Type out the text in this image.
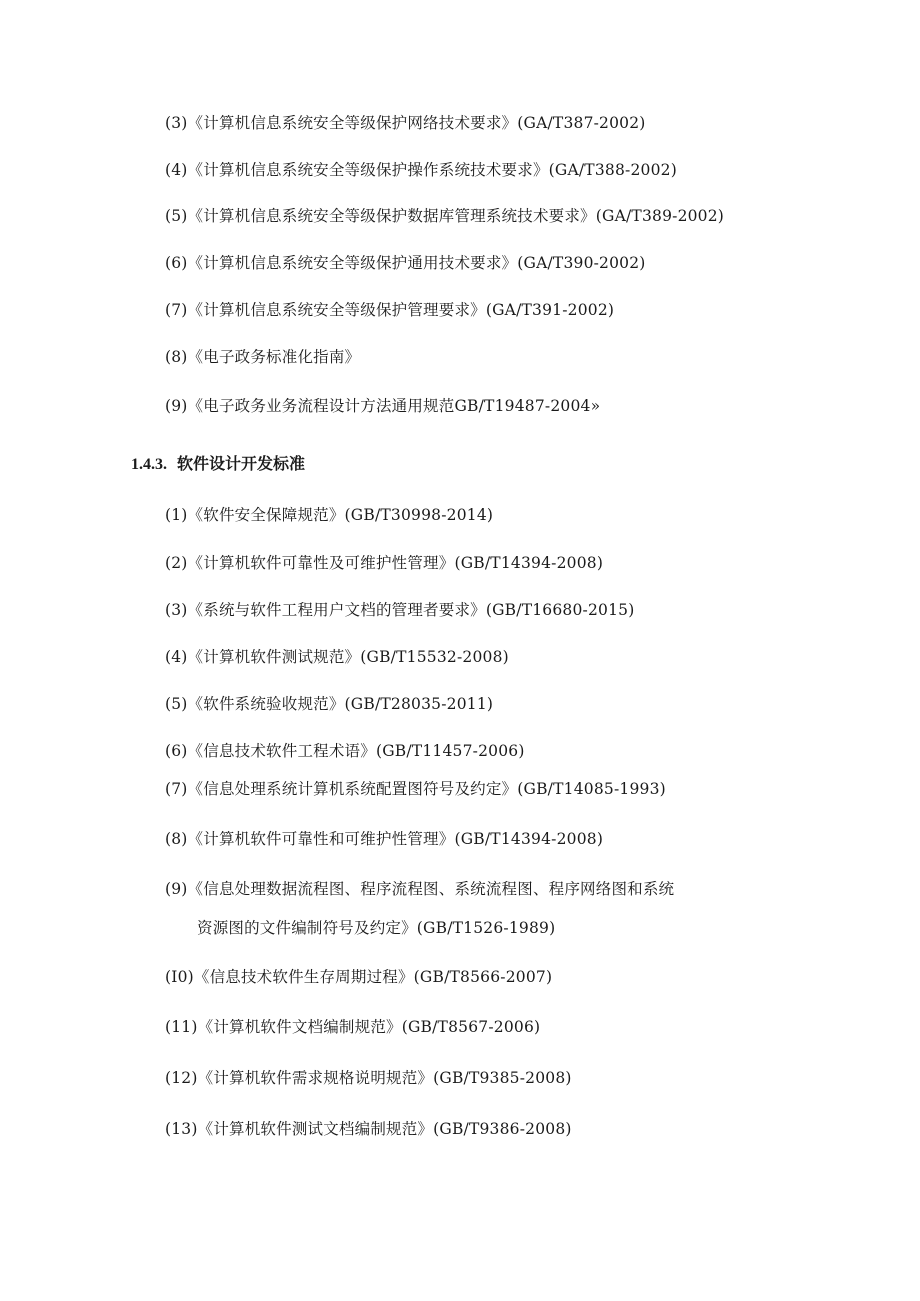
(3)《计算机信息系统安全等级保护网络技术要求》(GA/T387-2002)
(4)《计算机信息系统安全等级保护操作系统技术要求》(GA/T388-2002)
(5)《计算机信息系统安全等级保护数据库管理系统技术要求》(GA/T389-2002)
(6)《计算机信息系统安全等级保护通用技术要求》(GA/T390-2002)
(7)《计算机信息系统安全等级保护管理要求》(GA/T391-2002)
(8)《电子政务标准化指南》
(9)《电子政务业务流程设计方法通用规范GB/T19487-2004»
1.4.3. 软件设计开发标准
(1)《软件安全保障规范》(GB/T30998-2014)
(2)《计算机软件可靠性及可维护性管理》(GB/T14394-2008)
(3)《系统与软件工程用户文档的管理者要求》(GB/T16680-2015)
(4)《计算机软件测试规范》(GB/T15532-2008)
(5)《软件系统验收规范》(GB/T28035-2011)
(6)《信息技术软件工程术语》(GB/T11457-2006)
(7)《信息处理系统计算机系统配置图符号及约定》(GB/T14085-1993)
(8)《计算机软件可靠性和可维护性管理》(GB/T14394-2008)
(9)《信息处理数据流程图、程序流程图、系统流程图、程序网络图和系统
资源图的文件编制符号及约定》(GB/T1526-1989)
(I0)《信息技术软件生存周期过程》(GB/T8566-2007)
(11)《计算机软件文档编制规范》(GB/T8567-2006)
(12)《计算机软件需求规格说明规范》(GB/T9385-2008)
(13)《计算机软件测试文档编制规范》(GB/T9386-2008)
